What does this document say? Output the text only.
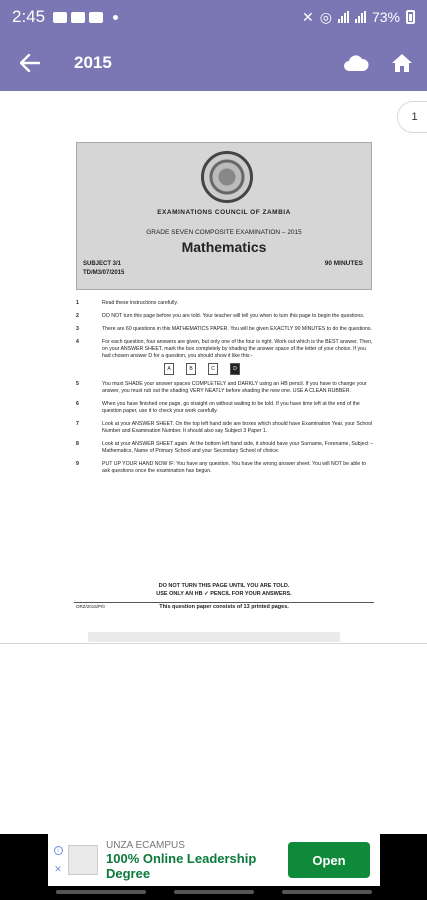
2:45	✕ ◎	73%
2015
1
EXAMINATIONS COUNCIL OF ZAMBIA
GRADE SEVEN COMPOSITE EXAMINATION – 2015
Mathematics
SUBJECT 3/1
TD/M3/07/2015
90 MINUTES
1	Read these instructions carefully.
2	DO NOT turn this page before you are told. Your teacher will tell you when to turn this page to begin the questions.
3	There are 60 questions in this MATHEMATICS PAPER. You will be given EXACTLY 90 MINUTES to do the questions.
4	For each question, four answers are given, but only one of the four is right. Work out which is the BEST answer. Then, on your ANSWER SHEET, mark the box completely by shading the answer space of the letter of your choice. If you had chosen answer D for a question, you should show it like this:-
A	B	C	D
5	You must SHADE your answer spaces COMPLETELY and DARKLY using an HB pencil. If you have to change your answer, you must rub out the shading VERY NEATLY before shading the new one. USE A CLEAN RUBBER.
6	When you have finished one page, go straight on without waiting to be told. If you have time left at the end of the question paper, use it to check your work carefully.
7	Look at your ANSWER SHEET. On the top left hand side are boxes which should have Examination Year, your School Number and Examination Number. It should also say Subject 3 Paper 1.
8	Look at your ANSWER SHEET again. At the bottom left hand side, it should have your Surname, Forename, Subject – Mathematics, Name of Primary School and your Secondary School of choice.
9	PUT UP YOUR HAND NOW IF: You have any question. You have the wrong answer sheet. You will NOT be able to ask questions once the examination has begun.
DO NOT TURN THIS PAGE UNTIL YOU ARE TOLD.
USE ONLY AN HB ✓ PENCIL FOR YOUR ANSWERS.
ORZ/2015/P/0	This question paper consists of 13 printed pages.
i
✕
UNZA ECAMPUS
100% Online Leadership Degree
Open
